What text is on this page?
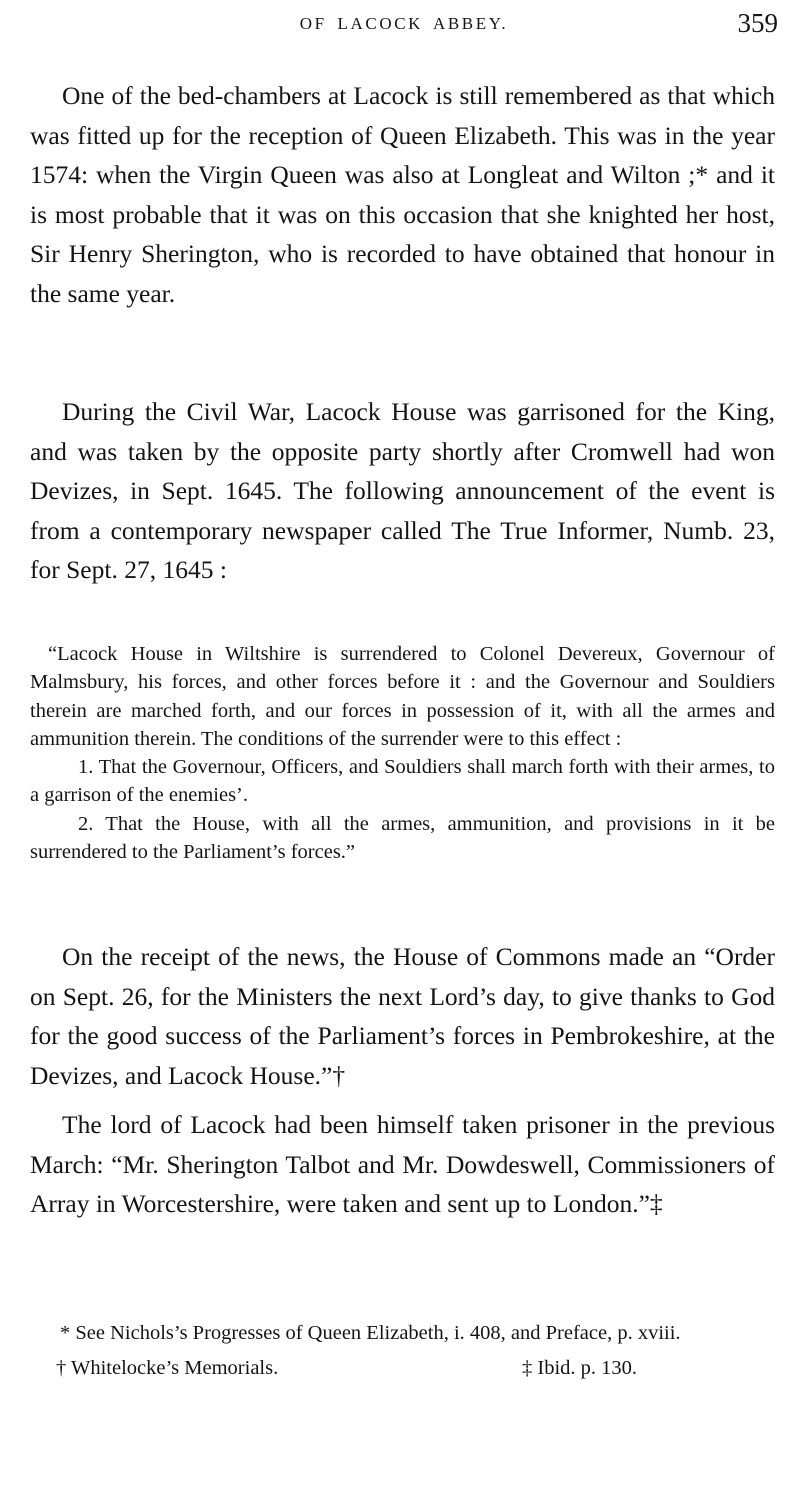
OF LACOCK ABBEY.	359

One of the bed-chambers at Lacock is still remembered as that which was fitted up for the reception of Queen Elizabeth. This was in the year 1574: when the Virgin Queen was also at Longleat and Wilton ;* and it is most probable that it was on this occasion that she knighted her host, Sir Henry Sherington, who is recorded to have obtained that honour in the same year.

During the Civil War, Lacock House was garrisoned for the King, and was taken by the opposite party shortly after Cromwell had won Devizes, in Sept. 1645. The following announcement of the event is from a contemporary newspaper called The True Informer, Numb. 23, for Sept. 27, 1645 :

“Lacock House in Wiltshire is surrendered to Colonel Devereux, Governour of Malmsbury, his forces, and other forces before it : and the Governour and Souldiers therein are marched forth, and our forces in possession of it, with all the armes and ammunition therein. The conditions of the surrender were to this effect :

1. That the Governour, Officers, and Souldiers shall march forth with their armes, to a garrison of the enemies’.

2. That the House, with all the armes, ammunition, and provisions in it be surrendered to the Parliament’s forces.”

On the receipt of the news, the House of Commons made an “Order on Sept. 26, for the Ministers the next Lord’s day, to give thanks to God for the good success of the Parliament’s forces in Pembrokeshire, at the Devizes, and Lacock House.”†

The lord of Lacock had been himself taken prisoner in the previous March: “Mr. Sherington Talbot and Mr. Dowdeswell, Commissioners of Array in Worcestershire, were taken and sent up to London.”‡

* See Nichols’s Progresses of Queen Elizabeth, i. 408, and Preface, p. xviii.

† Whitelocke’s Memorials.	‡ Ibid. p. 130.
